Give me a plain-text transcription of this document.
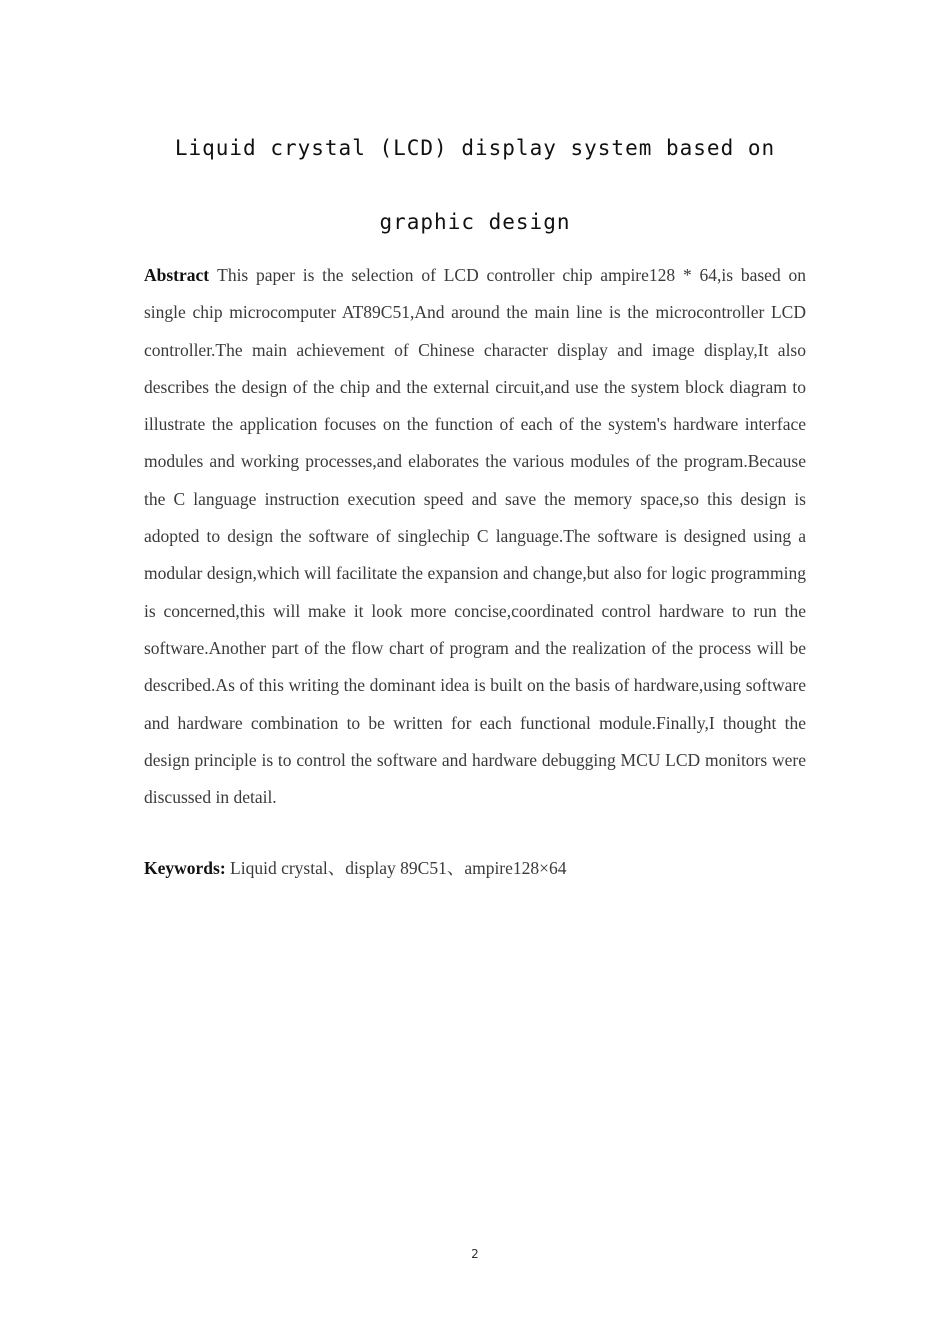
Liquid crystal (LCD) display system based on
graphic design

Abstract This paper is the selection of LCD controller chip ampire128 * 64,is based on single chip microcomputer AT89C51,And around the main line is the microcontroller LCD controller.The main achievement of Chinese character display and image display,It also describes the design of the chip and the external circuit,and use the system block diagram to illustrate the application focuses on the function of each of the system's hardware interface modules and working processes,and elaborates the various modules of the program.Because the C language instruction execution speed and save the memory space,so this design is adopted to design the software of singlechip C language.The software is designed using a modular design,which will facilitate the expansion and change,but also for logic programming is concerned,this will make it look more concise,coordinated control hardware to run the software.Another part of the flow chart of program and the realization of the process will be described.As of this writing the dominant idea is built on the basis of hardware,using software and hardware combination to be written for each functional module.Finally,I thought the design principle is to control the software and hardware debugging MCU LCD monitors were discussed in detail.

Keywords: Liquid crystal、display 89C51、ampire128×64

2
